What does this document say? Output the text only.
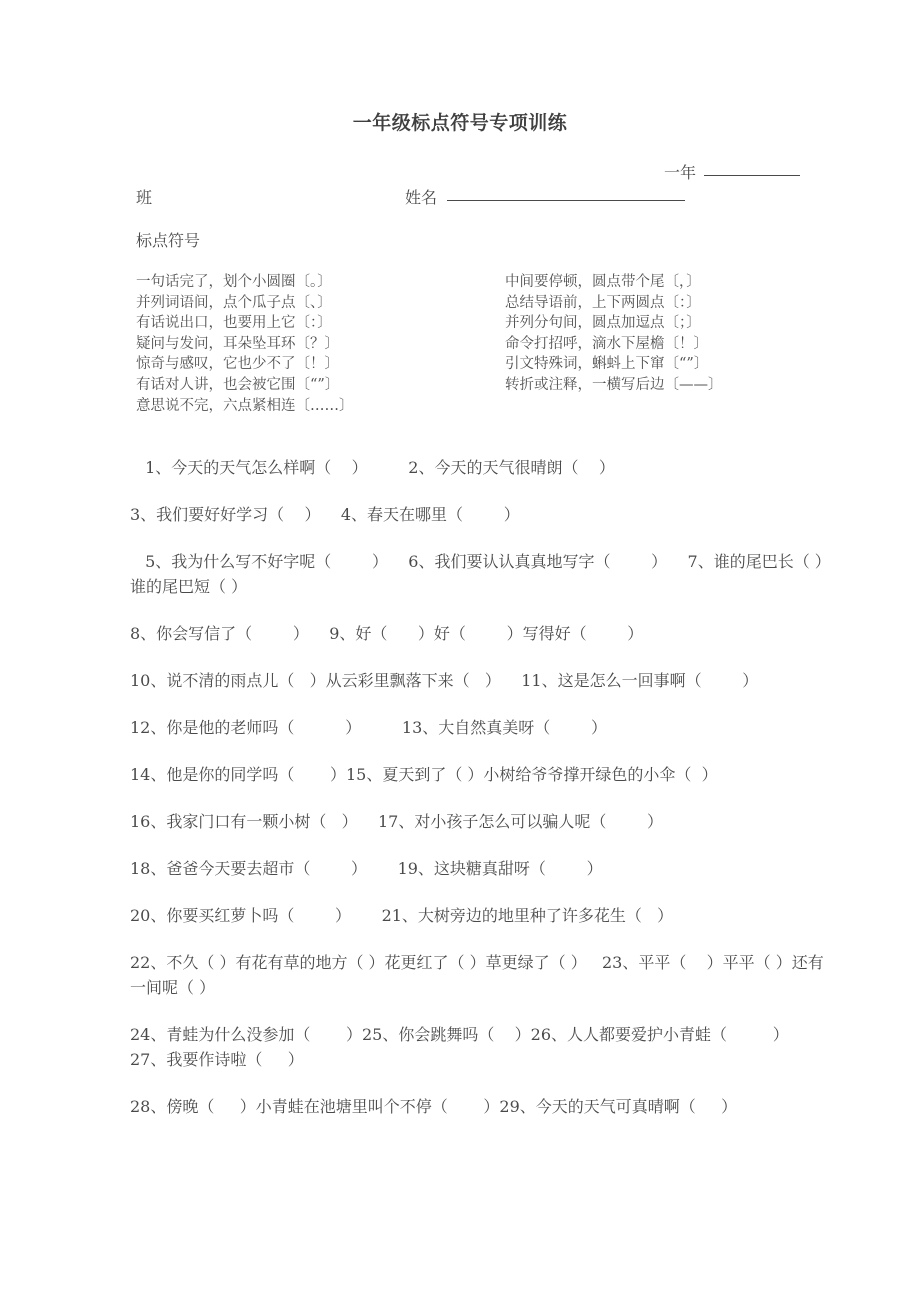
一年级标点符号专项训练
一年
班	姓名
标点符号
一句话完了，划个小圆圈〔。〕	中间要停顿，圆点带个尾〔，〕
并列词语间，点个瓜子点〔、〕	总结导语前，上下两圆点〔：〕
有话说出口，也要用上它〔：〕	并列分句间，圆点加逗点〔；〕
疑问与发问，耳朵坠耳环〔？〕	命令打招呼，滴水下屋檐〔！〕
惊奇与感叹，它也少不了〔！〕	引文特殊词，蝌蚪上下窜〔“”〕
有话对人讲，也会被它围〔“”〕	转折或注释，一横写后边〔——〕
意思说不完，六点紧相连〔……〕
1、今天的天气怎么样啊（    ）        2、今天的天气很晴朗（    ）
3、我们要好好学习（    ）    4、春天在哪里（        ）
5、我为什么写不好字呢（        ）    6、我们要认认真真地写字（        ）    7、谁的尾巴长（ ）谁的尾巴短（ ）
8、你会写信了（        ）    9、好（      ）好（        ）写得好（        ）
10、说不清的雨点儿（   ）从云彩里飘落下来（   ）    11、这是怎么一回事啊（        ）
12、你是他的老师吗（          ）        13、大自然真美呀（        ）
14、他是你的同学吗（       ）15、夏天到了（ ）小树给爷爷撑开绿色的小伞（  ）
16、我家门口有一颗小树（   ）    17、对小孩子怎么可以骗人呢（        ）
18、爸爸今天要去超市（        ）      19、这块糖真甜呀（        ）
20、你要买红萝卜吗（        ）      21、大树旁边的地里种了许多花生（   ）
22、不久（ ）有花有草的地方（ ）花更红了（ ）草更绿了（ ）   23、平平（    ）平平（ ）还有一间呢（ ）
24、青蛙为什么没参加（       ）25、你会跳舞吗（    ）26、人人都要爱护小青蛙（         ）        27、我要作诗啦（     ）
28、傍晚（     ）小青蛙在池塘里叫个不停（       ）29、今天的天气可真晴啊（     ）
